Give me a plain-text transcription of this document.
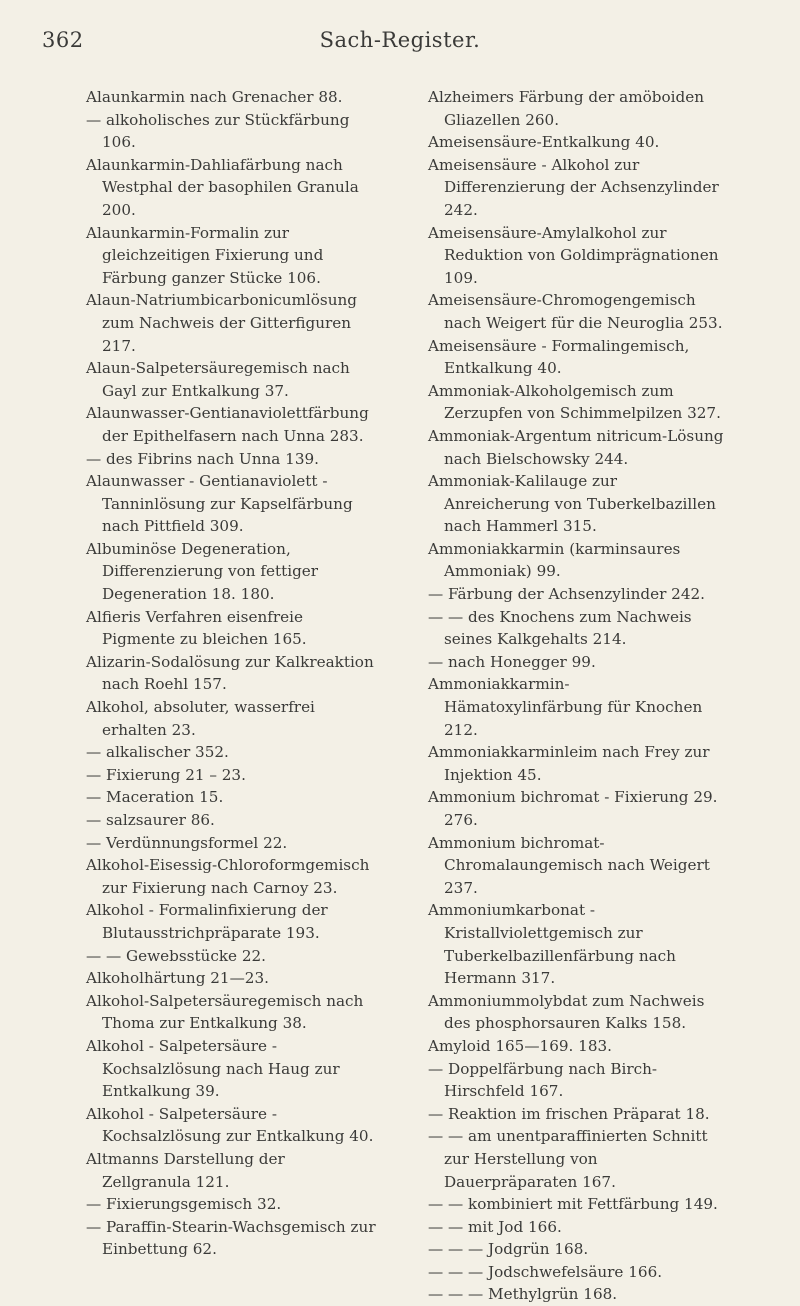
362	Sach-Register.

Alaunkarmin nach Grenacher 88.

— alkoholisches zur Stückfärbung 106.

Alaunkarmin-Dahliafärbung nach Westphal der basophilen Granula 200.

Alaunkarmin-Formalin zur gleichzeitigen Fixierung und Färbung ganzer Stücke 106.

Alaun-Natriumbicarbonicumlösung zum Nachweis der Gitterfiguren 217.

Alaun-Salpetersäuregemisch nach Gayl zur Entkalkung 37.

Alaunwasser-Gentianaviolettfärbung der Epithelfasern nach Unna 283.

— des Fibrins nach Unna 139.

Alaunwasser - Gentianaviolett - Tanninlösung zur Kapselfärbung nach Pittfield 309.

Albuminöse Degeneration, Differenzierung von fettiger Degeneration 18. 180.

Alfieris Verfahren eisenfreie Pigmente zu bleichen 165.

Alizarin-Sodalösung zur Kalkreaktion nach Roehl 157.

Alkohol, absoluter, wasserfrei erhalten 23.

— alkalischer 352.

— Fixierung 21 – 23.

— Maceration 15.

— salzsaurer 86.

— Verdünnungsformel 22.

Alkohol-Eisessig-Chloroformgemisch zur Fixierung nach Carnoy 23.

Alkohol - Formalinfixierung der Blutausstrichpräparate 193.

— — Gewebsstücke 22.

Alkoholhärtung 21—23.

Alkohol-Salpetersäuregemisch nach Thoma zur Entkalkung 38.

Alkohol - Salpetersäure - Kochsalzlösung nach Haug zur Entkalkung 39.

Alkohol - Salpetersäure - Kochsalzlösung zur Entkalkung 40.

Altmanns Darstellung der Zellgranula 121.

— Fixierungsgemisch 32.

— Paraffin-Stearin-Wachsgemisch zur Einbettung 62.

Alzheimers Färbung der amöboiden Gliazellen 260.

Ameisensäure-Entkalkung 40.

Ameisensäure - Alkohol zur Differenzierung der Achsenzylinder 242.

Ameisensäure-Amylalkohol zur Reduktion von Goldimprägnationen 109.

Ameisensäure-Chromogengemisch nach Weigert für die Neuroglia 253.

Ameisensäure - Formalingemisch, Entkalkung 40.

Ammoniak-Alkoholgemisch zum Zerzupfen von Schimmelpilzen 327.

Ammoniak-Argentum nitricum-Lösung nach Bielschowsky 244.

Ammoniak-Kalilauge zur Anreicherung von Tuberkelbazillen nach Hammerl 315.

Ammoniakkarmin (karminsaures Ammoniak) 99.

— Färbung der Achsenzylinder 242.

— — des Knochens zum Nachweis seines Kalkgehalts 214.

— nach Honegger 99.

Ammoniakkarmin-Hämatoxylinfärbung für Knochen 212.

Ammoniakkarminleim nach Frey zur Injektion 45.

Ammonium bichromat - Fixierung 29. 276.

Ammonium bichromat-Chromalaungemisch nach Weigert 237.

Ammoniumkarbonat - Kristallviolettgemisch zur Tuberkelbazillenfärbung nach Hermann 317.

Ammoniummolybdat zum Nachweis des phosphorsauren Kalks 158.

Amyloid 165—169. 183.

— Doppelfärbung nach Birch-Hirschfeld 167.

— Reaktion im frischen Präparat 18.

— — am unentparaffinierten Schnitt zur Herstellung von Dauerpräparaten 167.

— — kombiniert mit Fettfärbung 149.

— — mit Jod 166.

— — — Jodgrün 168.

— — — Jodschwefelsäure 166.

— — — Methylgrün 168.
